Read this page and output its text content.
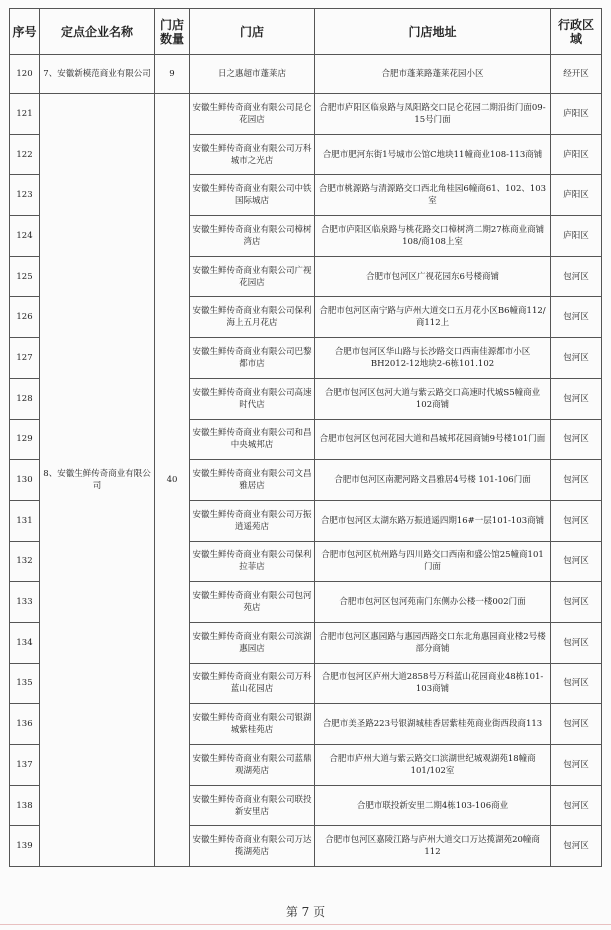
序号	定点企业名称	门店数量	门店	门店地址	行政区域
120	7、安徽新模范商业有限公司	9	日之惠超市蓬莱店	合肥市蓬莱路蓬莱花园小区	经开区
121	8、安徽生鲜传奇商业有限公司	40	安徽生鲜传奇商业有限公司昆仑花园店	合肥市庐阳区临泉路与凤阳路交口昆仑花园二期沿街门面09-15号门面	庐阳区
122			安徽生鲜传奇商业有限公司万科城市之光店	合肥市肥河东街1号城市公馆C地块11幢商业108-113商铺	庐阳区
123			安徽生鲜传奇商业有限公司中铁国际城店	合肥市桃源路与清源路交口西北角桂园6幢商61、102、103室	庐阳区
124			安徽生鲜传奇商业有限公司樟树湾店	合肥市庐阳区临泉路与桃花路交口樟树湾二期27栋商业商铺108/商108上室	庐阳区
125			安徽生鲜传奇商业有限公司广视花园店	合肥市包河区广视花园东6号楼商铺	包河区
126			安徽生鲜传奇商业有限公司保利海上五月花店	合肥市包河区南宁路与庐州大道交口五月花小区B6幢商112/商112上	包河区
127			安徽生鲜传奇商业有限公司巴黎都市店	合肥市包河区华山路与长沙路交口西南佳源都市小区BH2012-12地块2-6栋101.102	包河区
128			安徽生鲜传奇商业有限公司高速时代店	合肥市包河区包河大道与紫云路交口高速时代城S5幢商业102商铺	包河区
129			安徽生鲜传奇商业有限公司和昌中央城邦店	合肥市包河区包河花园大道和昌城邦花园商铺9号楼101门面	包河区
130			安徽生鲜传奇商业有限公司文昌雅居店	合肥市包河区南淝河路文昌雅居4号楼 101-106门面	包河区
131			安徽生鲜传奇商业有限公司万振逍遥苑店	合肥市包河区太湖东路万振逍遥四期16#一层101-103商铺	包河区
132			安徽生鲜传奇商业有限公司保利拉菲店	合肥市包河区杭州路与四川路交口西南和盛公馆25幢商101门面	包河区
133			安徽生鲜传奇商业有限公司包河苑店	合肥市包河区包河苑南门东侧办公楼一楼002门面	包河区
134			安徽生鲜传奇商业有限公司滨湖惠园店	合肥市包河区惠园路与惠园西路交口东北角惠园商业楼2号楼部分商铺	包河区
135			安徽生鲜传奇商业有限公司万科蓝山花园店	合肥市包河区庐州大道2858号万科蓝山花园商业48栋101-103商铺	包河区
136			安徽生鲜传奇商业有限公司银湖城紫桂苑店	合肥市美圣路223号银湖城桂香居紫桂苑商业街西段商113	包河区
137			安徽生鲜传奇商业有限公司蓝鼎观湖苑店	合肥市庐州大道与紫云路交口滨湖世纪城观湖苑18幢商101/102室	包河区
138			安徽生鲜传奇商业有限公司联投新安里店	合肥市联投新安里二期4栋103-106商业	包河区
139			安徽生鲜传奇商业有限公司万达揽湖苑店	合肥市包河区嘉陵江路与庐州大道交口万达揽湖苑20幢商112	包河区
第 7 页
